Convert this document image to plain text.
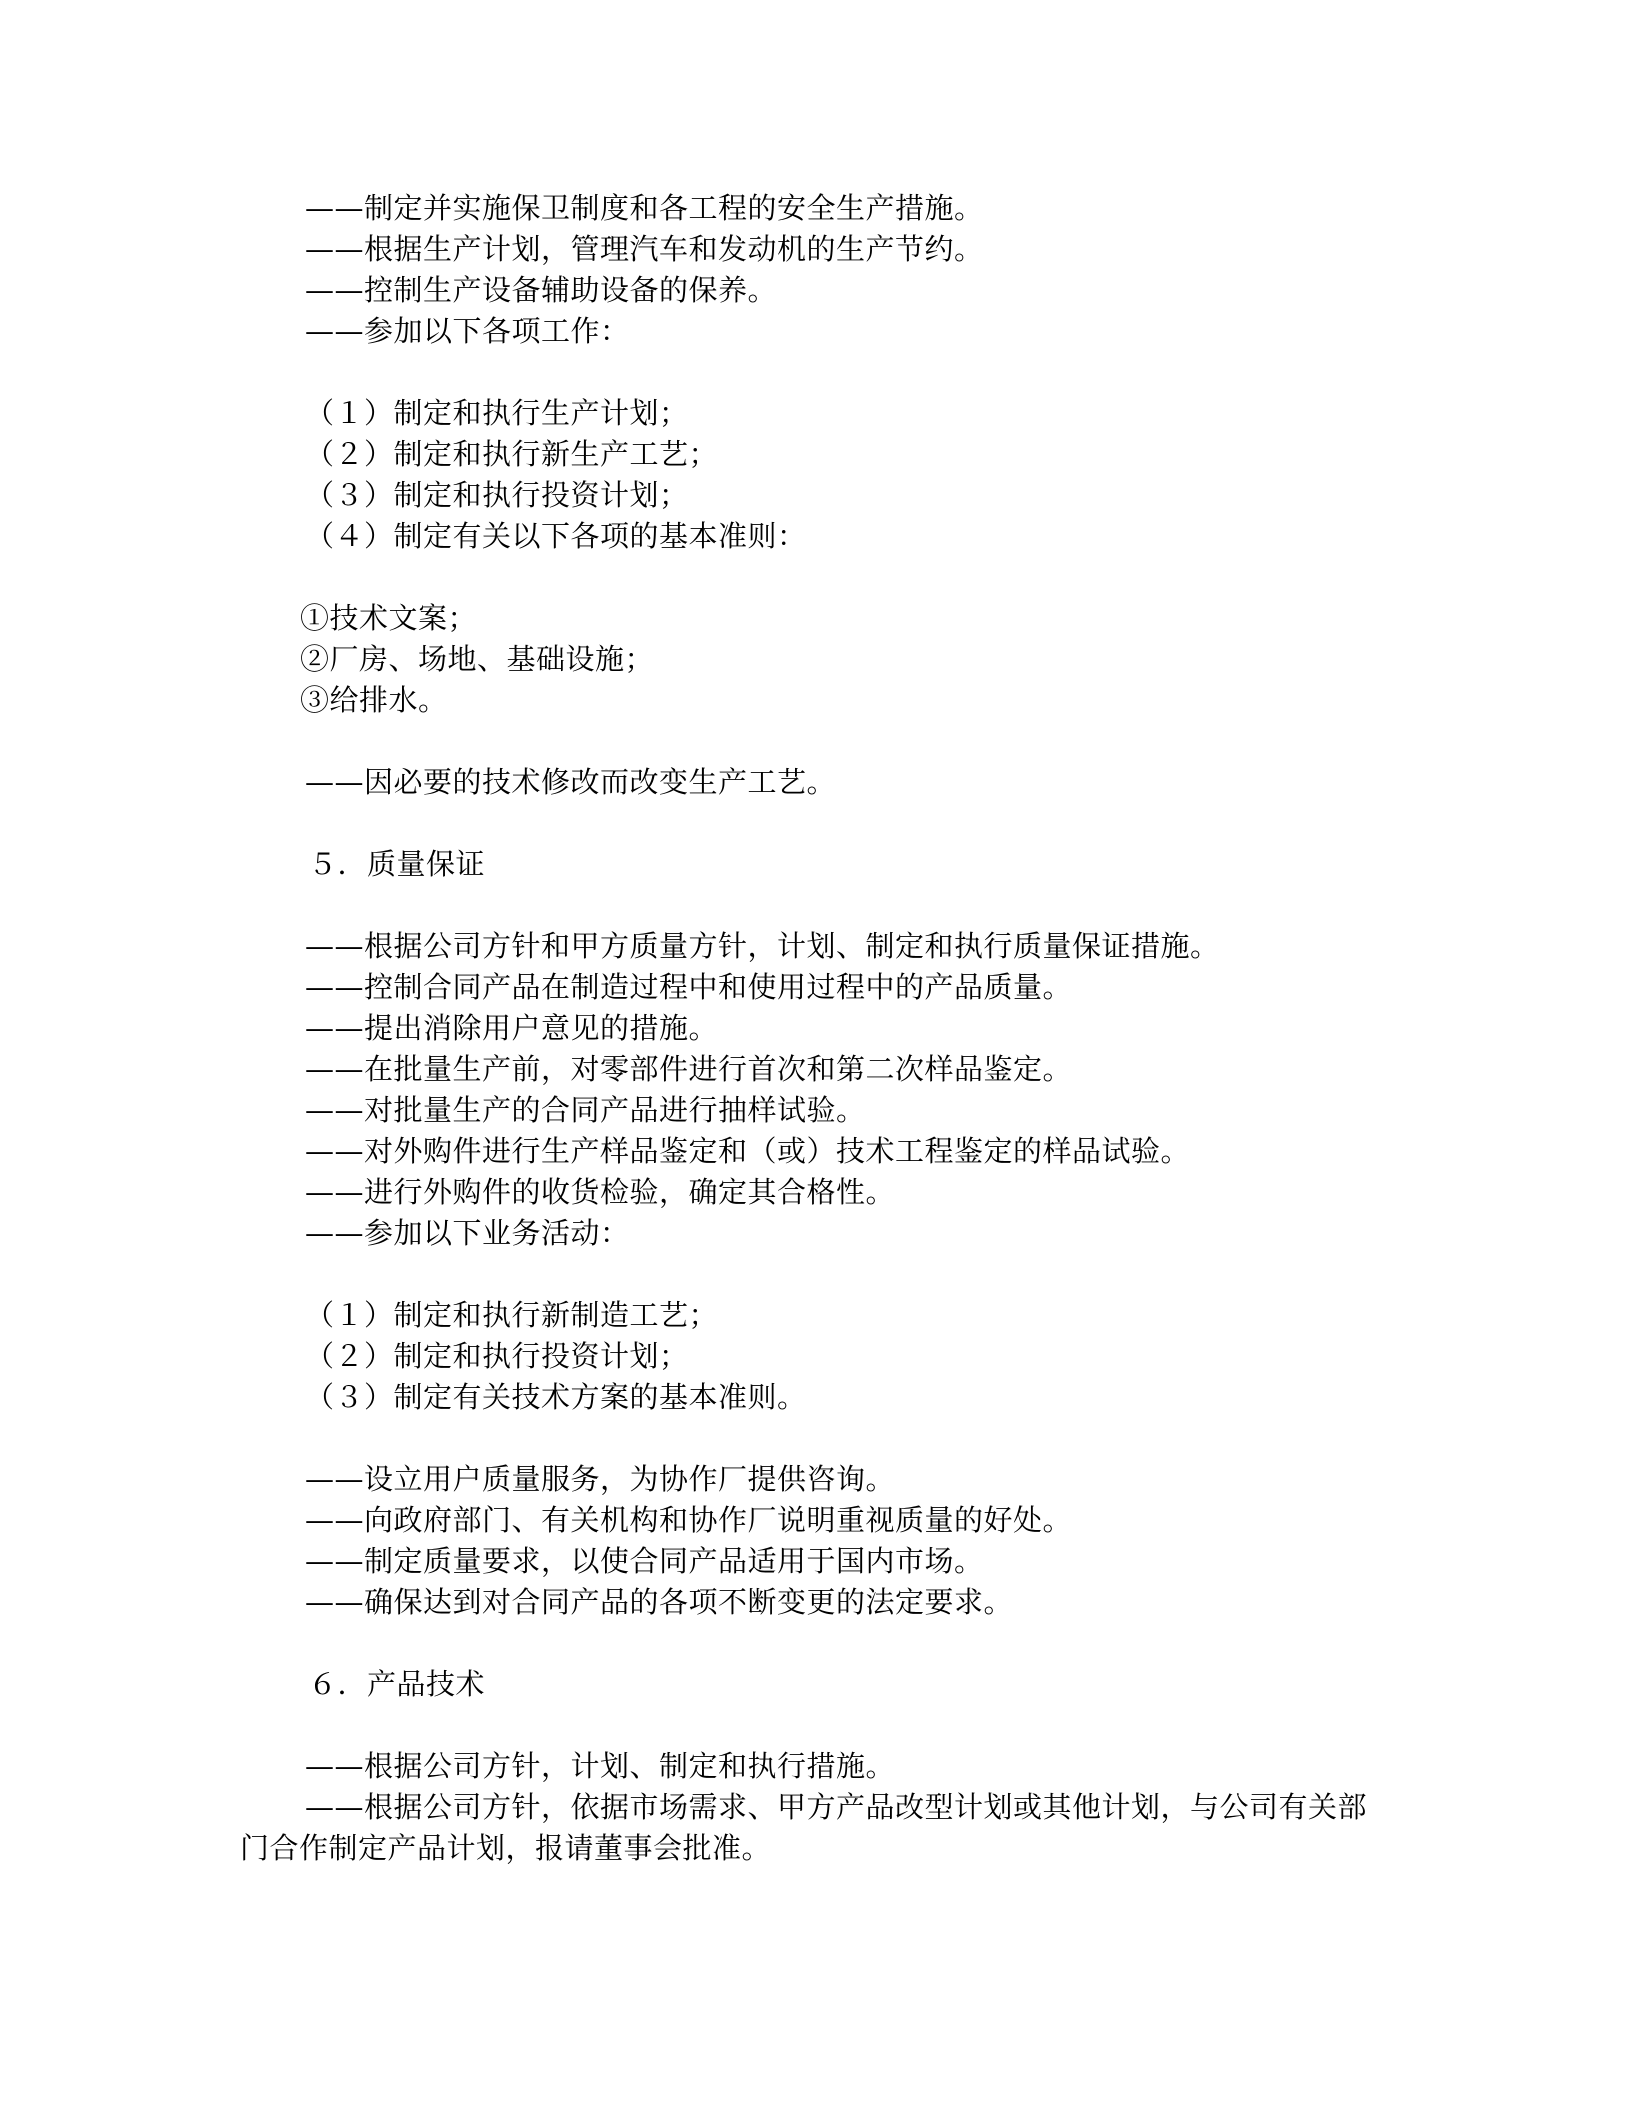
——制定并实施保卫制度和各工程的安全生产措施。
——根据生产计划，管理汽车和发动机的生产节约。
——控制生产设备辅助设备的保养。
——参加以下各项工作：
（１）制定和执行生产计划；
（２）制定和执行新生产工艺；
（３）制定和执行投资计划；
（４）制定有关以下各项的基本准则：
①技术文案；
②厂房、场地、基础设施；
③给排水。
——因必要的技术修改而改变生产工艺。
５．质量保证
——根据公司方针和甲方质量方针，计划、制定和执行质量保证措施。
——控制合同产品在制造过程中和使用过程中的产品质量。
——提出消除用户意见的措施。
——在批量生产前，对零部件进行首次和第二次样品鉴定。
——对批量生产的合同产品进行抽样试验。
——对外购件进行生产样品鉴定和（或）技术工程鉴定的样品试验。
——进行外购件的收货检验，确定其合格性。
——参加以下业务活动：
（１）制定和执行新制造工艺；
（２）制定和执行投资计划；
（３）制定有关技术方案的基本准则。
——设立用户质量服务，为协作厂提供咨询。
——向政府部门、有关机构和协作厂说明重视质量的好处。
——制定质量要求，以使合同产品适用于国内市场。
——确保达到对合同产品的各项不断变更的法定要求。
６．产品技术
——根据公司方针，计划、制定和执行措施。
——根据公司方针，依据市场需求、甲方产品改型计划或其他计划，与公司有关部门合作制定产品计划，报请董事会批准。
